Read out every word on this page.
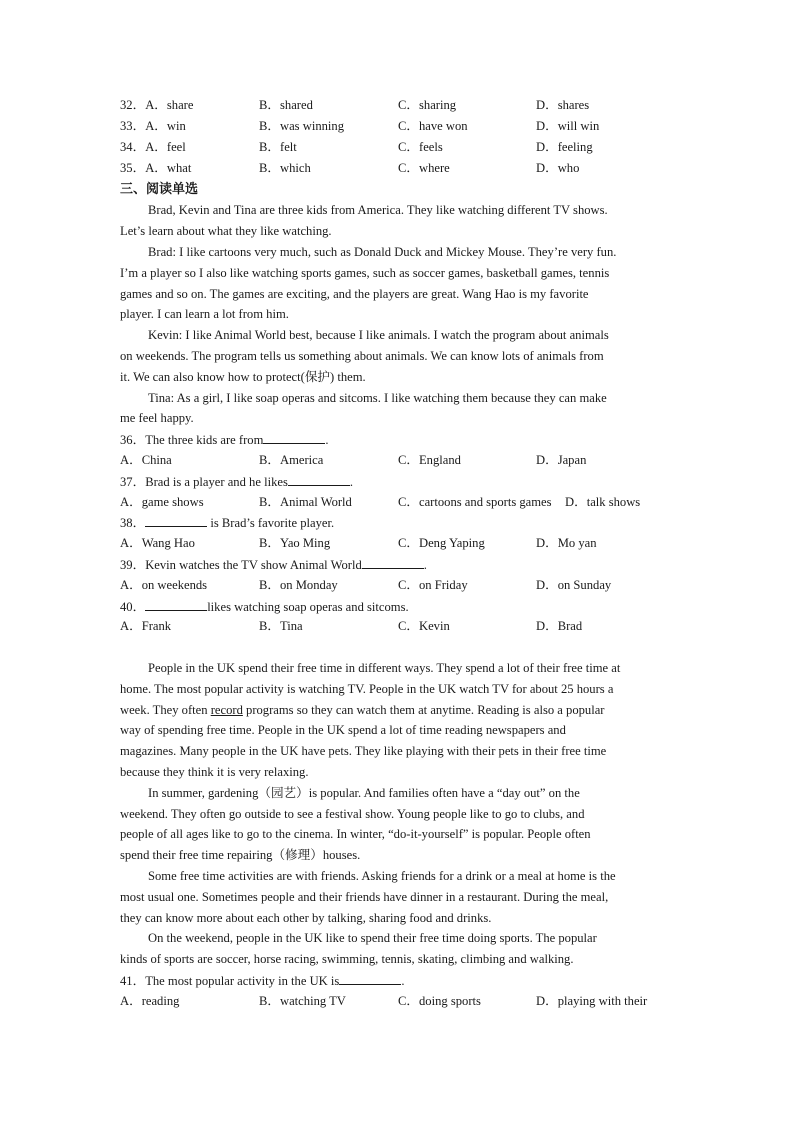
32．A．share	B．shared	C．sharing	D．shares
33．A．win	B．was winning	C．have won	D．will win
34．A．feel	B．felt	C．feels	D．feeling
35．A．what	B．which	C．where	D．who
三、阅读单选
Brad, Kevin and Tina are three kids from America. They like watching different TV shows.
Let’s learn about what they like watching.
Brad: I like cartoons very much, such as Donald Duck and Mickey Mouse. They’re very fun.
I’m a player so I also like watching sports games, such as soccer games, basketball games, tennis
games and so on. The games are exciting, and the players are great. Wang Hao is my favorite
player. I can learn a lot from him.
Kevin: I like Animal World best, because I like animals. I watch the program about animals
on weekends. The program tells us something about animals. We can know lots of animals from
it. We can also know how to protect(保护) them.
Tina: As a girl, I like soap operas and sitcoms. I like watching them because they can make
me feel happy.
36．The three kids are from	.
A．China	B．America	C．England	D．Japan
37．Brad is a player and he likes	.
A．game shows	B．Animal World	C．cartoons and sports games D．talk shows
38．	is Brad’s favorite player.
A．Wang Hao	B．Yao Ming	C．Deng Yaping	D．Mo yan
39．Kevin watches the TV show Animal World	.
A．on weekends	B．on Monday	C．on Friday	D．on Sunday
40．	likes watching soap operas and sitcoms.
A．Frank	B．Tina	C．Kevin	D．Brad
People in the UK spend their free time in different ways. They spend a lot of their free time at
home. The most popular activity is watching TV. People in the UK watch TV for about 25 hours a
week. They often record programs so they can watch them at anytime. Reading is also a popular
way of spending free time. People in the UK spend a lot of time reading newspapers and
magazines. Many people in the UK have pets. They like playing with their pets in their free time
because they think it is very relaxing.
In summer, gardening（园艺）is popular. And families often have a “day out” on the
weekend. They often go outside to see a festival show. Young people like to go to clubs, and
people of all ages like to go to the cinema. In winter, “do-it-yourself” is popular. People often
spend their free time repairing（修理）houses.
Some free time activities are with friends. Asking friends for a drink or a meal at home is the
most usual one. Sometimes people and their friends have dinner in a restaurant. During the meal,
they can know more about each other by talking, sharing food and drinks.
On the weekend, people in the UK like to spend their free time doing sports. The popular
kinds of sports are soccer, horse racing, swimming, tennis, skating, climbing and walking.
41．The most popular activity in the UK is	.
A．reading	B．watching TV	C．doing sports	D．playing with their
